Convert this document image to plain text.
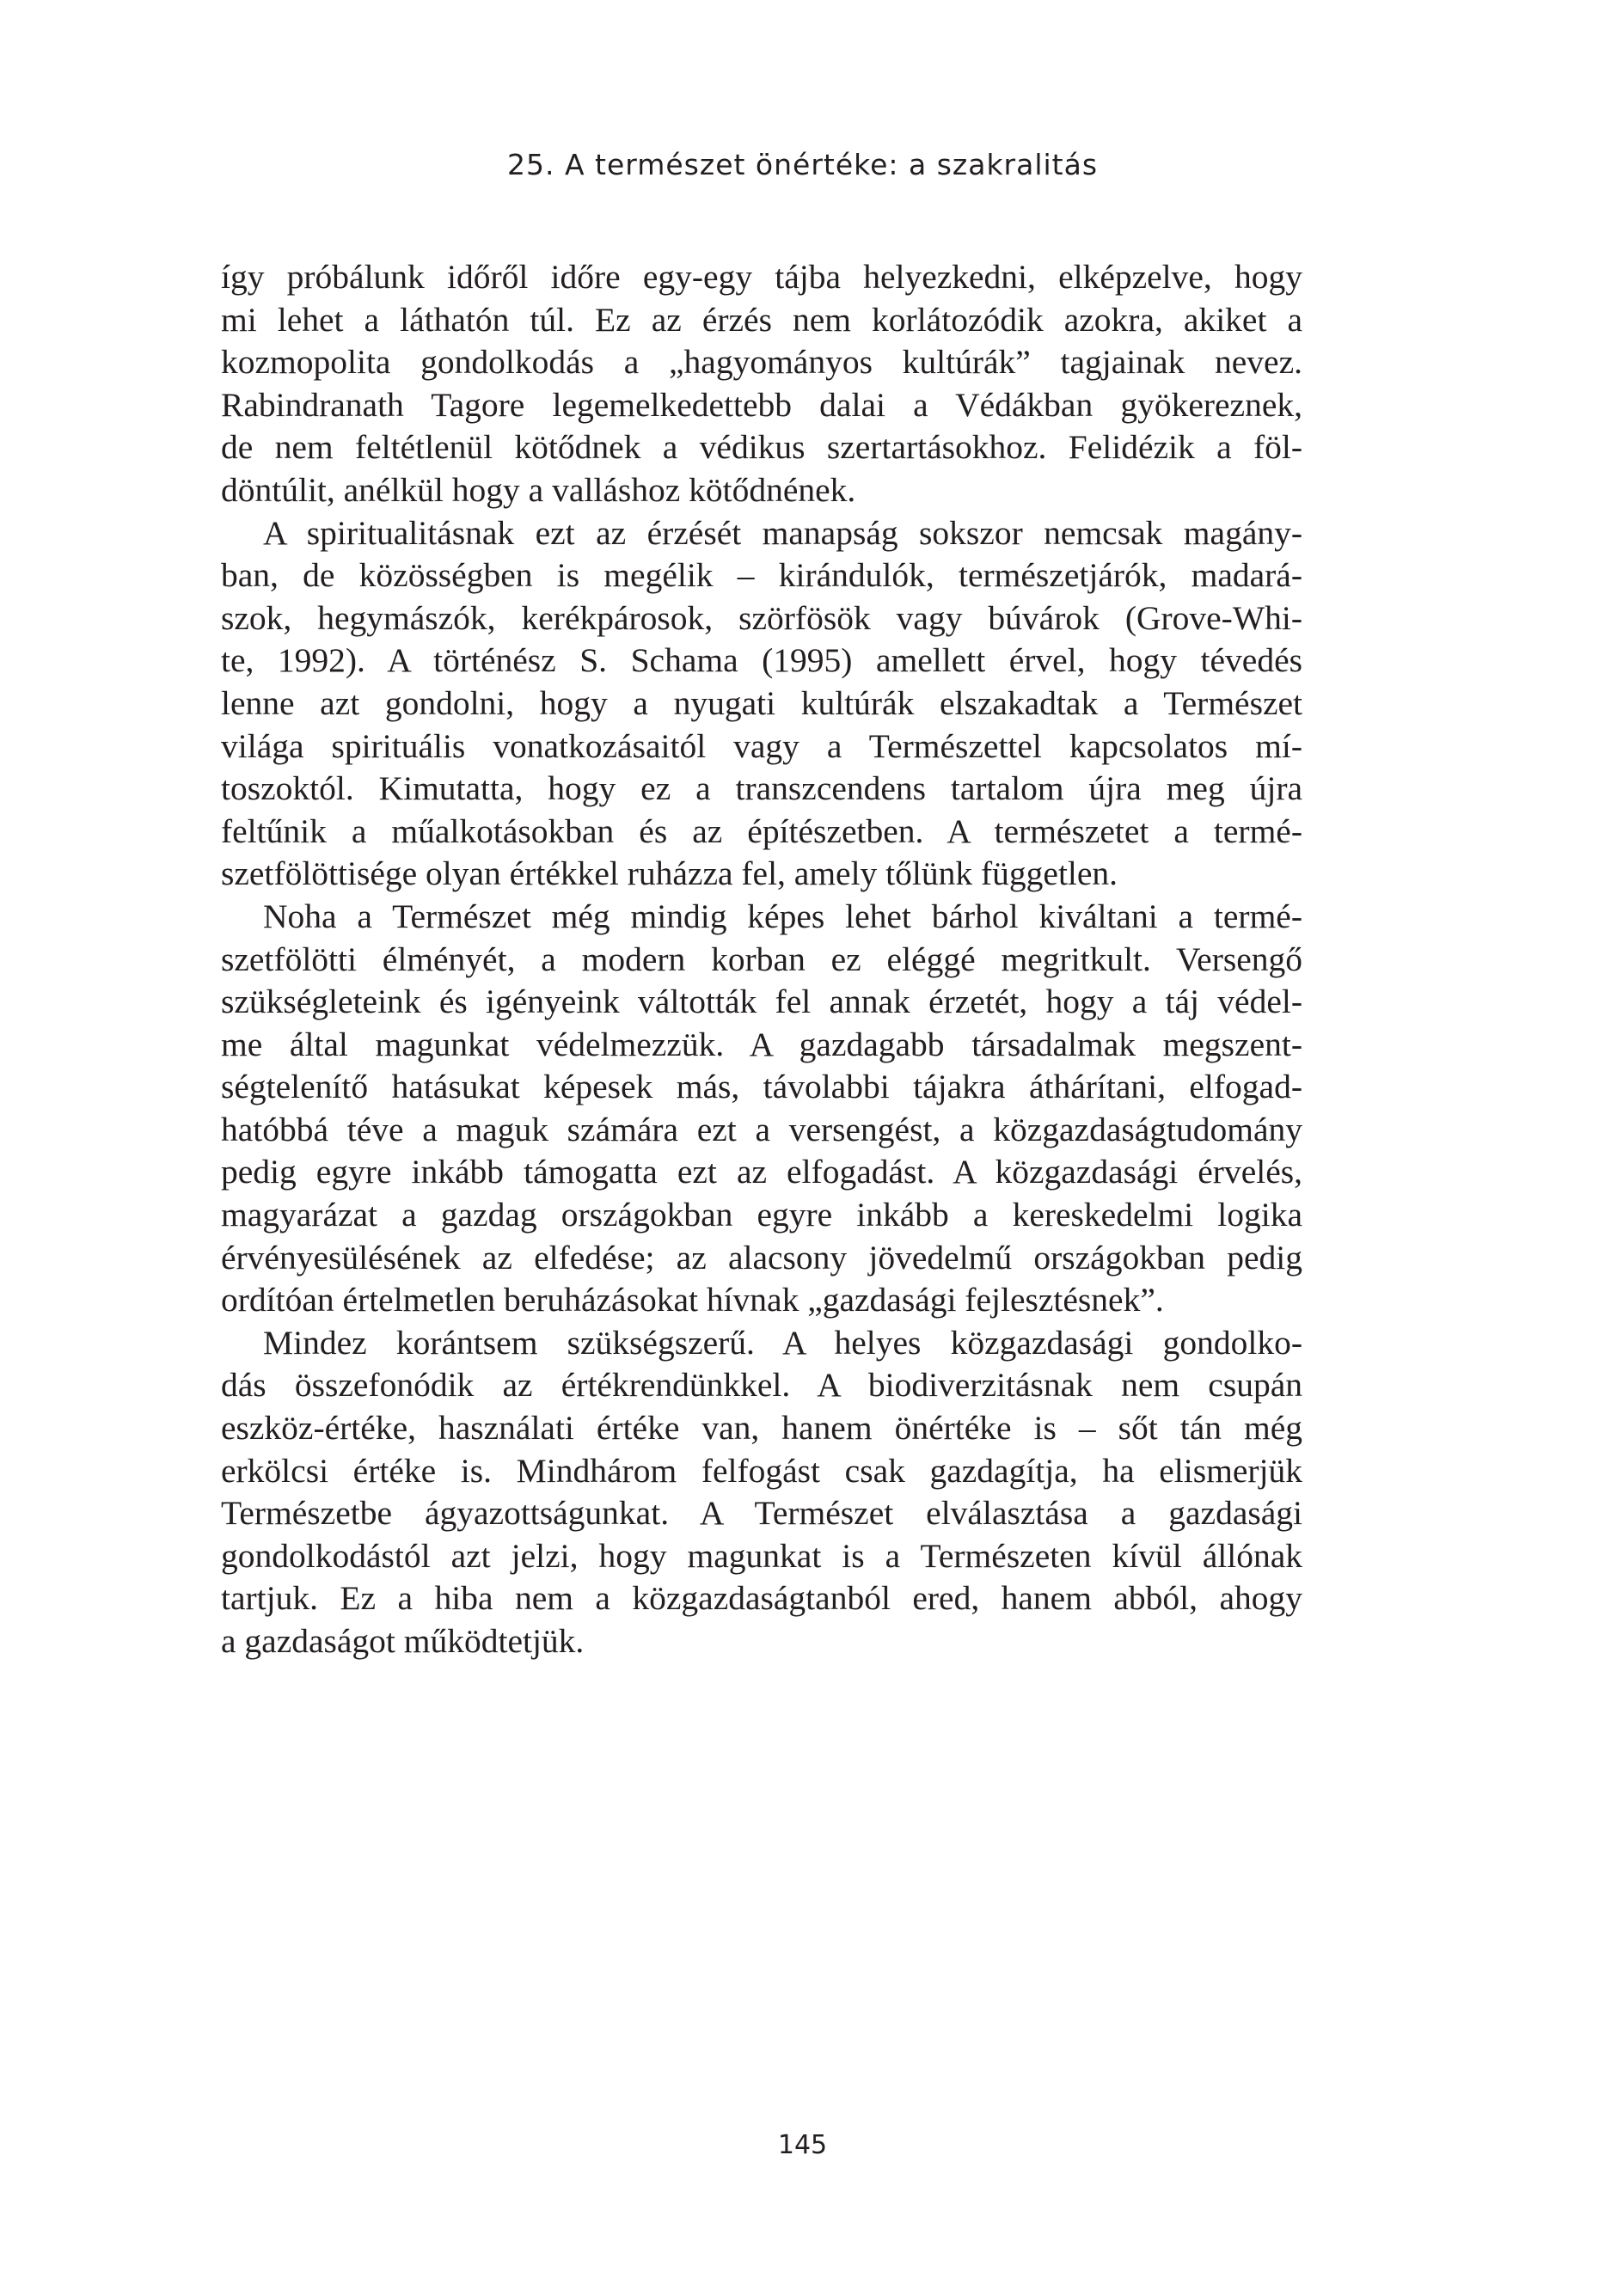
25. A természet önértéke: a szakralitás
így próbálunk időről időre egy-egy tájba helyezkedni, elképzelve, hogy
mi lehet a láthatón túl. Ez az érzés nem korlátozódik azokra, akiket a
kozmopolita gondolkodás a „hagyományos kultúrák” tagjainak nevez.
Rabindranath Tagore legemelkedettebb dalai a Védákban gyökereznek,
de nem feltétlenül kötődnek a védikus szertartásokhoz. Felidézik a föl-
döntúlit, anélkül hogy a valláshoz kötődnének.
A spiritualitásnak ezt az érzését manapság sokszor nemcsak magány-
ban, de közösségben is megélik – kirándulók, természetjárók, madará-
szok, hegymászók, kerékpárosok, szörfösök vagy búvárok (Grove-Whi-
te, 1992). A történész S. Schama (1995) amellett érvel, hogy tévedés
lenne azt gondolni, hogy a nyugati kultúrák elszakadtak a Természet
világa spirituális vonatkozásaitól vagy a Természettel kapcsolatos mí-
toszoktól. Kimutatta, hogy ez a transzcendens tartalom újra meg újra
feltűnik a műalkotásokban és az építészetben. A természetet a termé-
szetfölöttisége olyan értékkel ruházza fel, amely tőlünk független.
Noha a Természet még mindig képes lehet bárhol kiváltani a termé-
szetfölötti élményét, a modern korban ez eléggé megritkult. Versengő
szükségleteink és igényeink váltották fel annak érzetét, hogy a táj védel-
me által magunkat védelmezzük. A gazdagabb társadalmak megszent-
ségtelenítő hatásukat képesek más, távolabbi tájakra áthárítani, elfogad-
hatóbbá téve a maguk számára ezt a versengést, a közgazdaságtudomány
pedig egyre inkább támogatta ezt az elfogadást. A közgazdasági érvelés,
magyarázat a gazdag országokban egyre inkább a kereskedelmi logika
érvényesülésének az elfedése; az alacsony jövedelmű országokban pedig
ordítóan értelmetlen beruházásokat hívnak „gazdasági fejlesztésnek”.
Mindez korántsem szükségszerű. A helyes közgazdasági gondolko-
dás összefonódik az értékrendünkkel. A biodiverzitásnak nem csupán
eszköz-értéke, használati értéke van, hanem önértéke is – sőt tán még
erkölcsi értéke is. Mindhárom felfogást csak gazdagítja, ha elismerjük
Természetbe ágyazottságunkat. A Természet elválasztása a gazdasági
gondolkodástól azt jelzi, hogy magunkat is a Természeten kívül állónak
tartjuk. Ez a hiba nem a közgazdaságtanból ered, hanem abból, ahogy
a gazdaságot működtetjük.
145
